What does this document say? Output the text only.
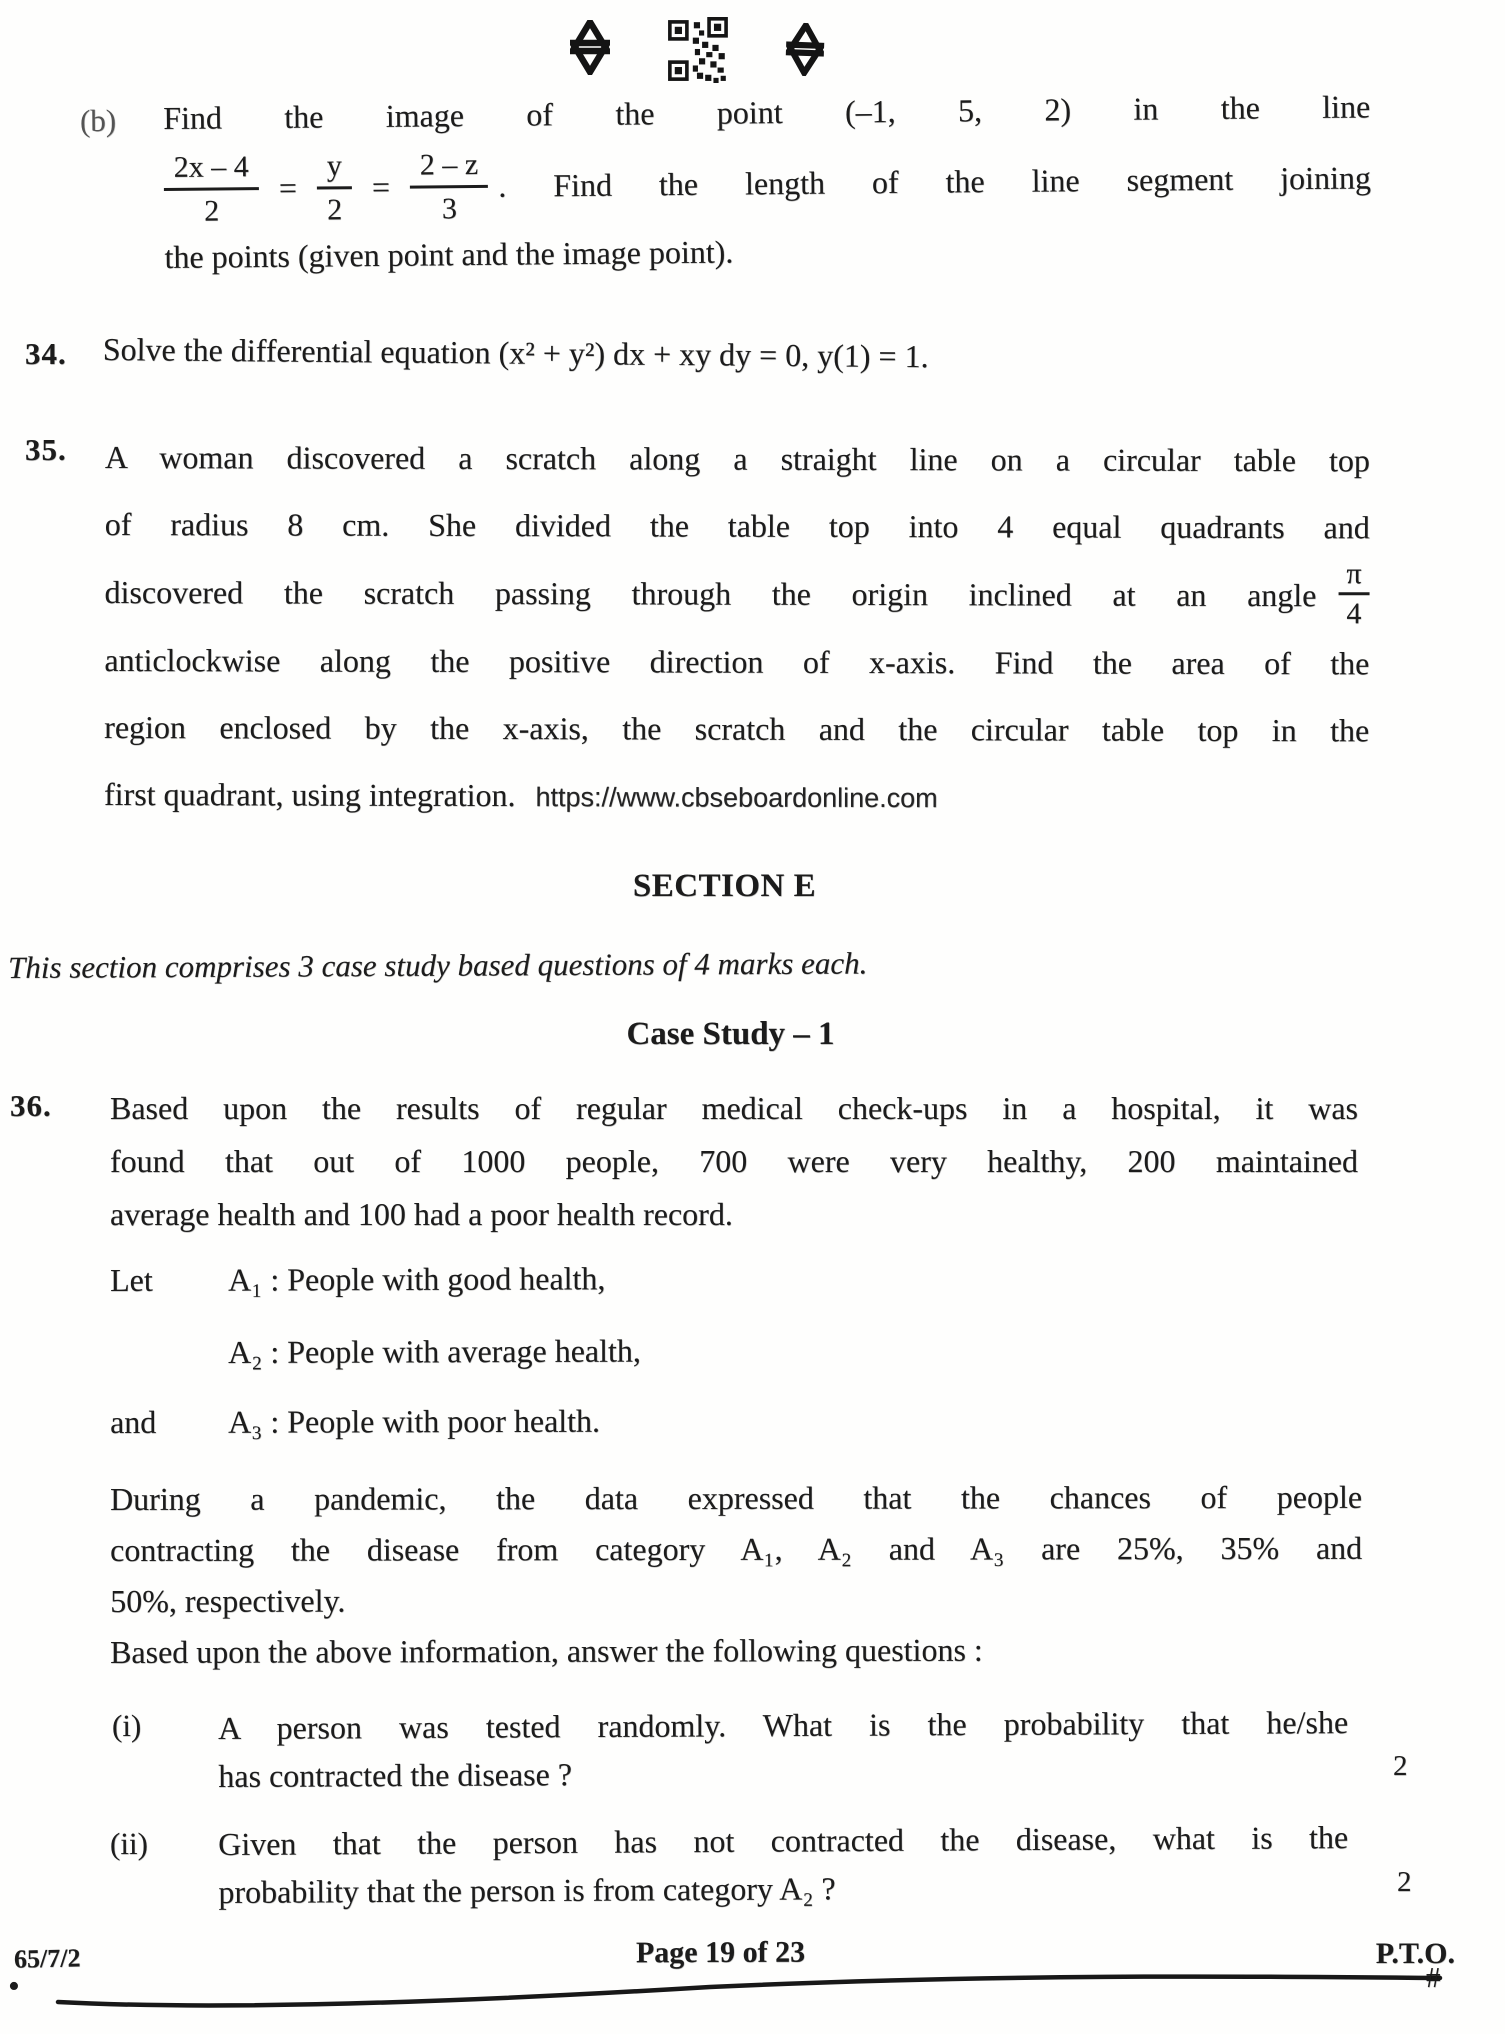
(b) Find the image of the point (–1, 5, 2) in the line
$\frac{2x - 4}{2} = \frac{y}{2} = \frac{2 - z}{3}$ . Find the length of the line segment joining
the points (given point and the image point).
34. Solve the differential equation (x² + y²) dx + xy dy = 0, y(1) = 1.
35. A woman discovered a scratch along a straight line on a circular table top
of radius 8 cm. She divided the table top into 4 equal quadrants and
discovered the scratch passing through the origin inclined at an angle $\frac{\pi}{4}$
anticlockwise along the positive direction of x-axis. Find the area of the
region enclosed by the x-axis, the scratch and the circular table top in the
first quadrant, using integration. https://www.cbseboardonline.com
SECTION E
This section comprises 3 case study based questions of 4 marks each.
Case Study – 1
36. Based upon the results of regular medical check-ups in a hospital, it was
found that out of 1000 people, 700 were very healthy, 200 maintained
average health and 100 had a poor health record.
Let	A₁ : People with good health,
A₂ : People with average health,
and	A₃ : People with poor health.
During a pandemic, the data expressed that the chances of people
contracting the disease from category A₁, A₂ and A₃ are 25%, 35% and
50%, respectively.
Based upon the above information, answer the following questions :
(i) A person was tested randomly. What is the probability that he/she
has contracted the disease ?	2
(ii) Given that the person has not contracted the disease, what is the
probability that the person is from category A₂ ?	2
65/7/2	Page 19 of 23	P.T.O.
•	#
